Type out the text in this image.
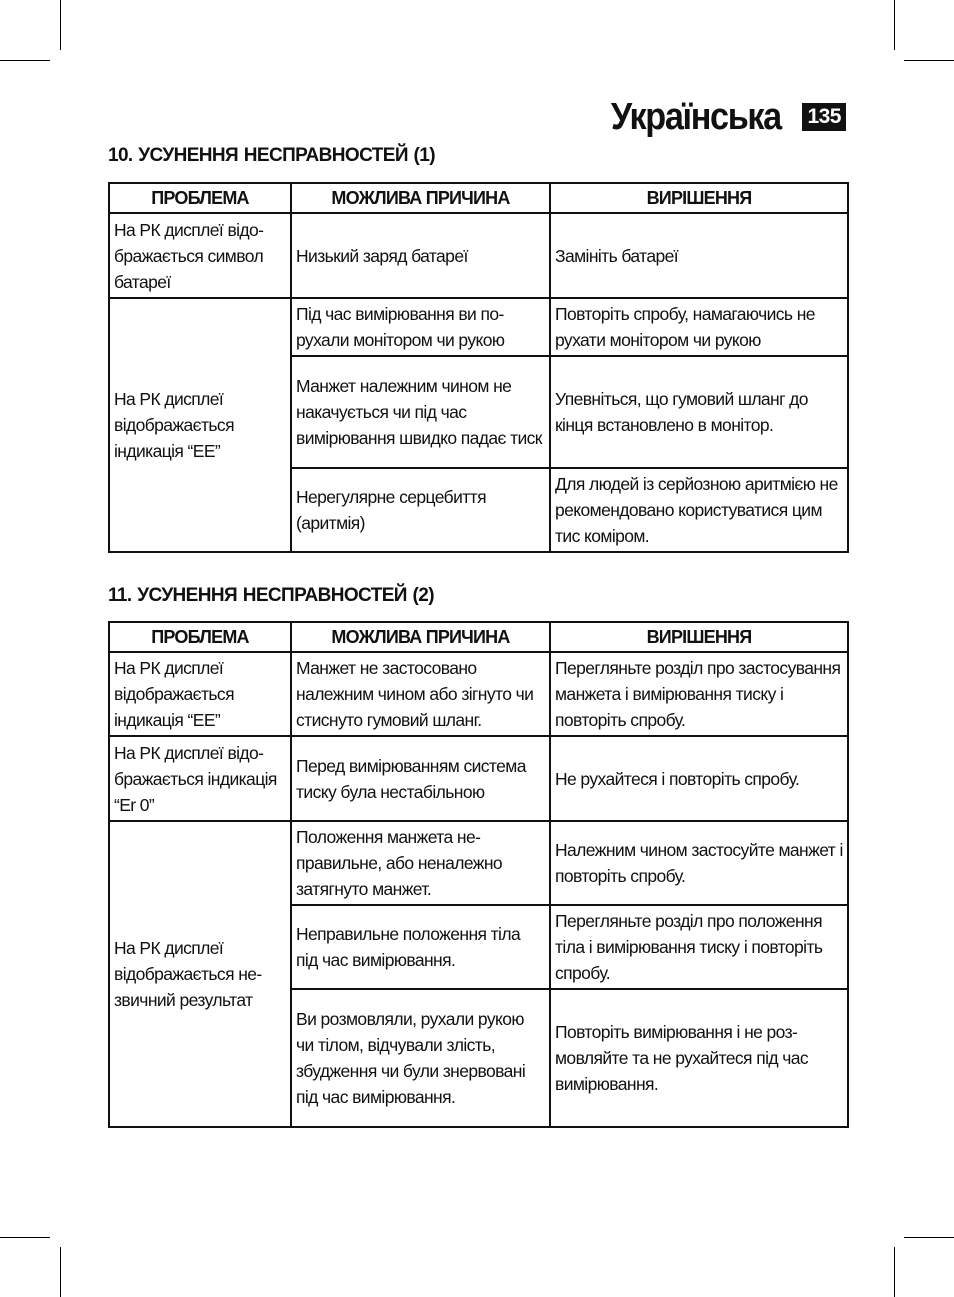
Українська 135
10. УСУНЕННЯ НЕСПРАВНОСТЕЙ (1)
ПРОБЛЕМА	МОЖЛИВА ПРИЧИНА	ВИРІШЕННЯ
На РК дисплеї відображається символ батареї	Низький заряд батареї	Замініть батареї
На РК дисплеї відображається індикація “EE”	Під час вимірювання ви порухали монітором чи рукою	Повторіть спробу, намагаючись не рухати монітором чи рукою
	Манжет належним чином не накачується чи під час вимірювання швидко падає тиск	Упевніться, що гумовий шланг до кінця встановлено в монітор.
	Нерегулярне серцебиття (аритмія)	Для людей із серйозною аритмією не рекомендовано користуватися цим тис коміром.
11. УСУНЕННЯ НЕСПРАВНОСТЕЙ (2)
ПРОБЛЕМА	МОЖЛИВА ПРИЧИНА	ВИРІШЕННЯ
На РК дисплеї відображається індикація “EE”	Манжет не застосовано належним чином або зігнуто чи стиснуто гумовий шланг.	Перегляньте розділ про застосування манжета і вимірювання тиску і повторіть спробу.
На РК дисплеї відображається індикація “Er 0”	Перед вимірюванням система тиску була нестабільною	Не рухайтеся і повторіть спробу.
На РК дисплеї відображається незвичний результат	Положення манжета неправильне, або неналежно затягнуто манжет.	Належним чином застосуйте манжет і повторіть спробу.
	Неправильне положення тіла під час вимірювання.	Перегляньте розділ про положення тіла і вимірювання тиску і повторіть спробу.
	Ви розмовляли, рухали рукою чи тілом, відчували злість, збудження чи були знервовані під час вимірювання.	Повторіть вимірювання і не розмовляйте та не рухайтеся під час вимірювання.
